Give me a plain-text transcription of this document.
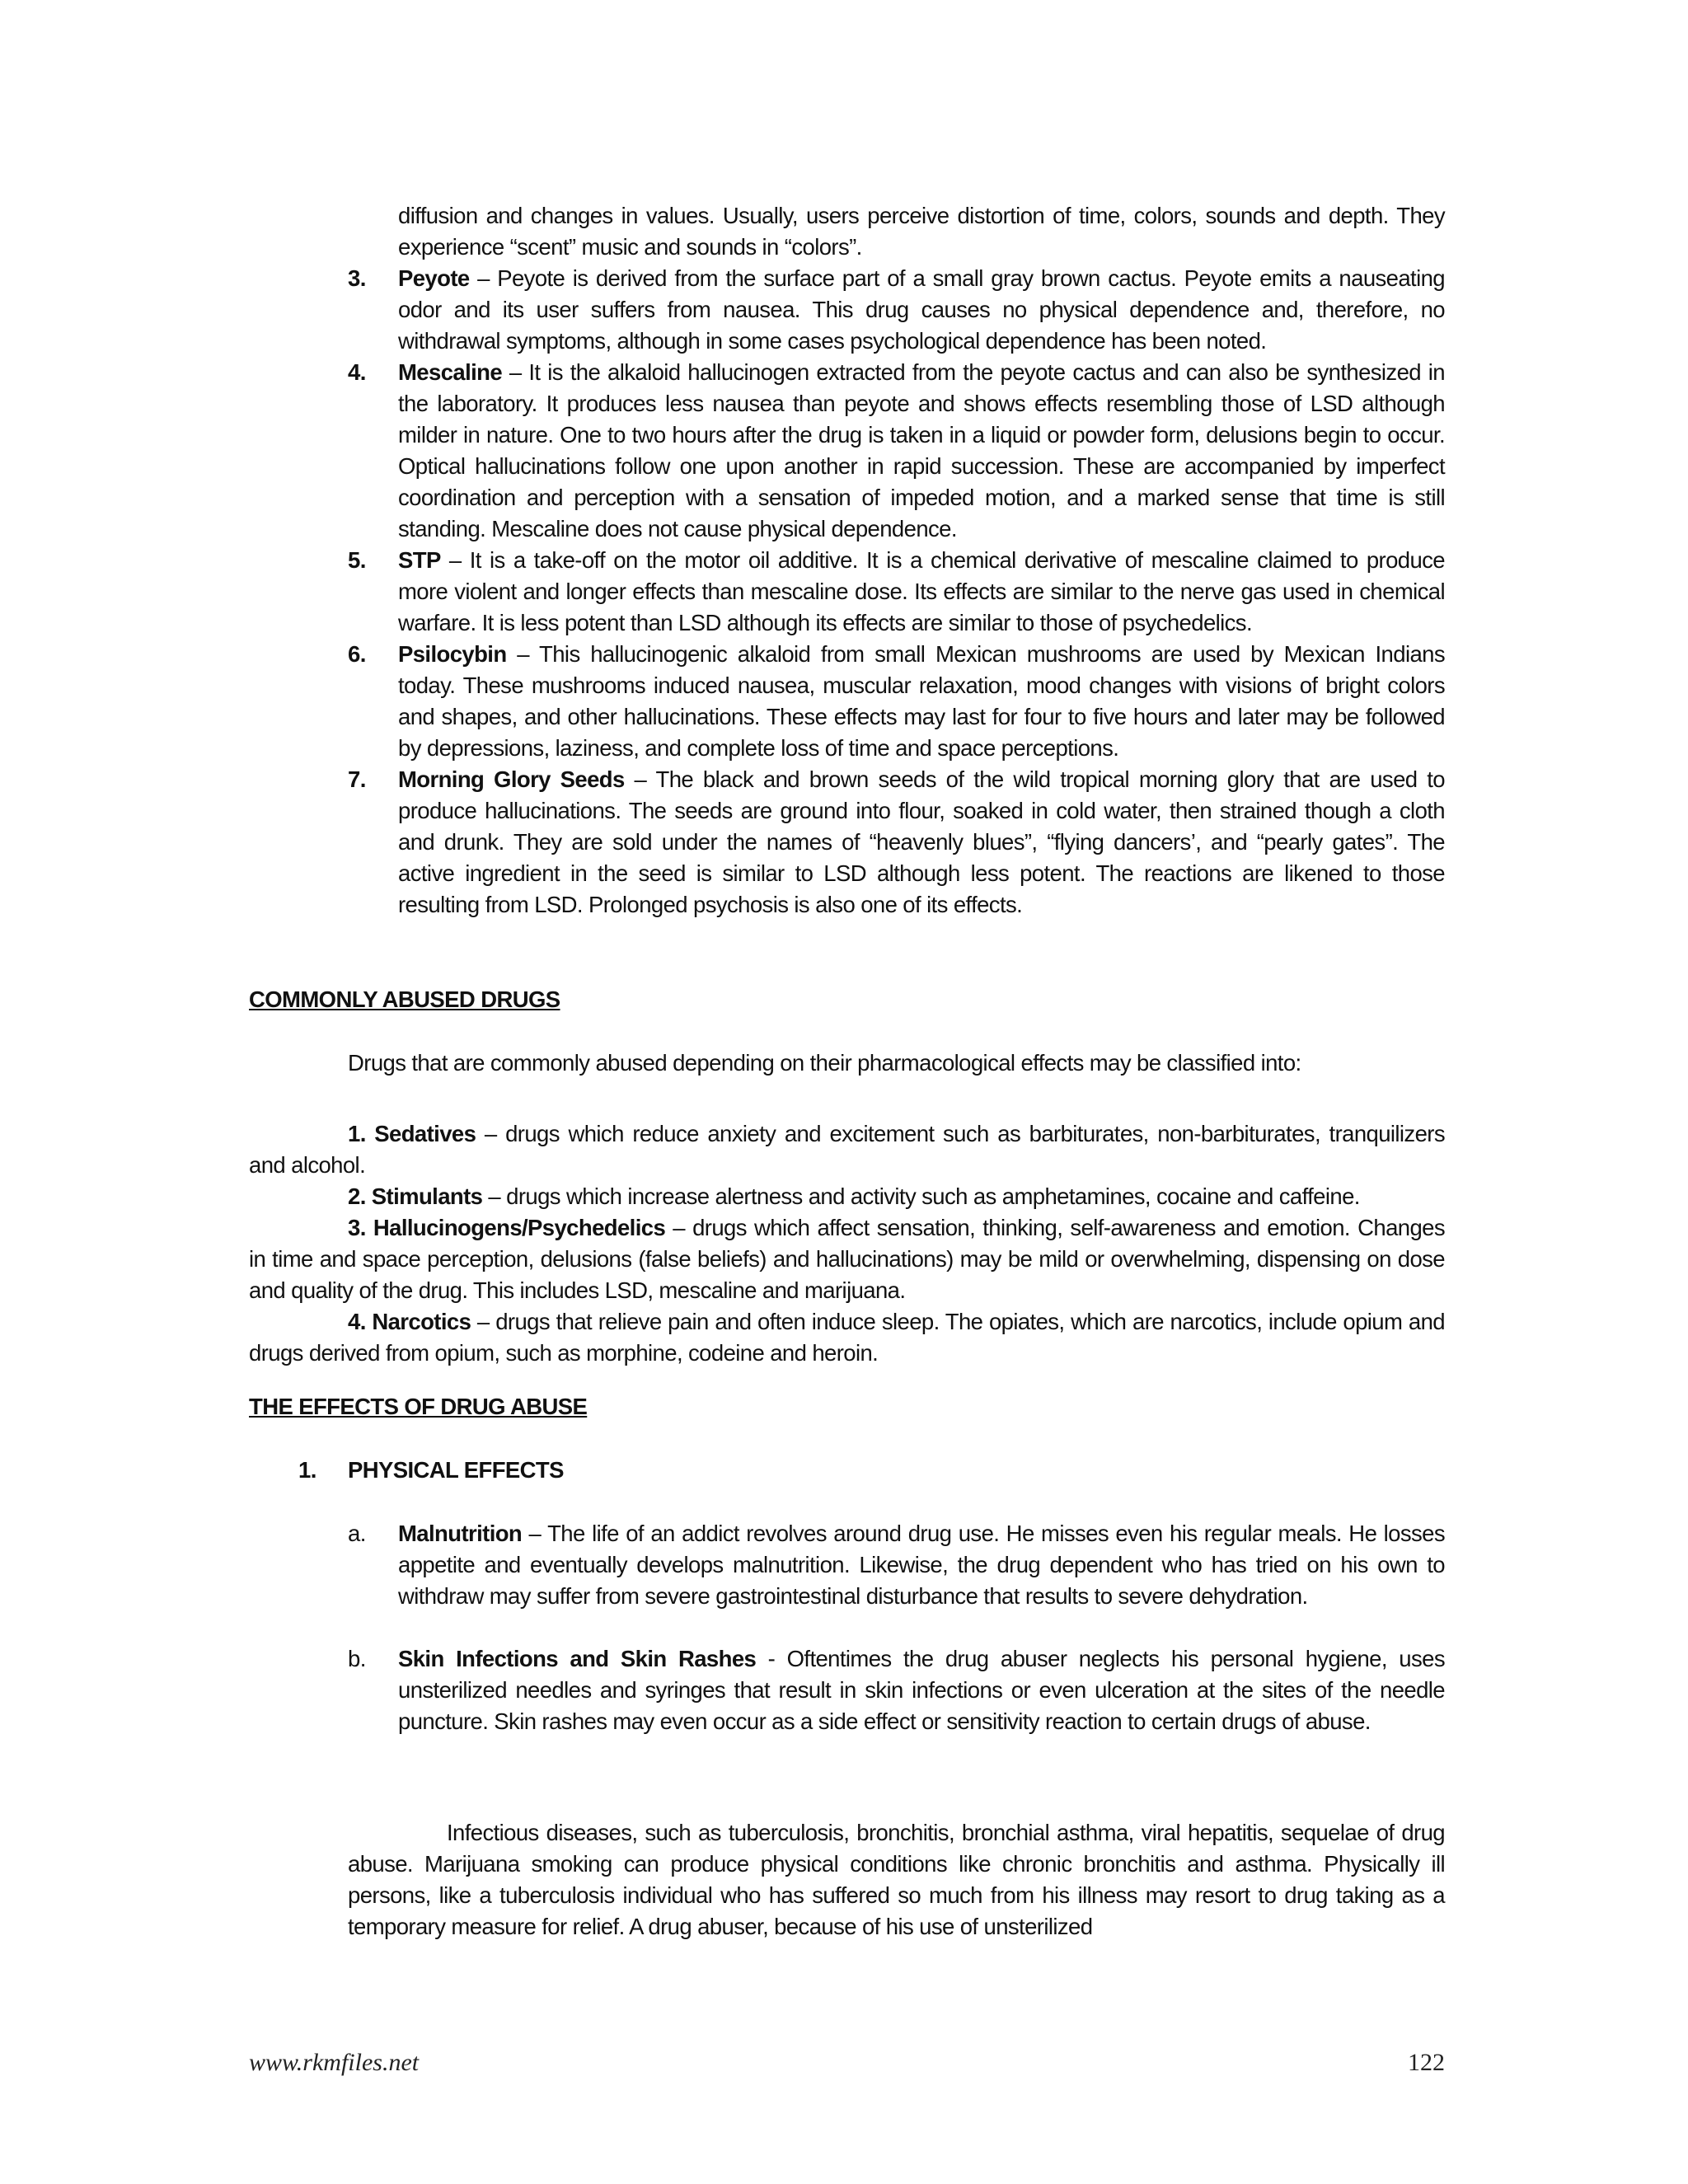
diffusion and changes in values. Usually, users perceive distortion of time, colors, sounds and depth. They experience “scent” music and sounds in “colors”.
3. Peyote – Peyote is derived from the surface part of a small gray brown cactus. Peyote emits a nauseating odor and its user suffers from nausea. This drug causes no physical dependence and, therefore, no withdrawal symptoms, although in some cases psychological dependence has been noted.
4. Mescaline – It is the alkaloid hallucinogen extracted from the peyote cactus and can also be synthesized in the laboratory. It produces less nausea than peyote and shows effects resembling those of LSD although milder in nature. One to two hours after the drug is taken in a liquid or powder form, delusions begin to occur. Optical hallucinations follow one upon another in rapid succession. These are accompanied by imperfect coordination and perception with a sensation of impeded motion, and a marked sense that time is still standing. Mescaline does not cause physical dependence.
5. STP – It is a take-off on the motor oil additive. It is a chemical derivative of mescaline claimed to produce more violent and longer effects than mescaline dose. Its effects are similar to the nerve gas used in chemical warfare. It is less potent than LSD although its effects are similar to those of psychedelics.
6. Psilocybin – This hallucinogenic alkaloid from small Mexican mushrooms are used by Mexican Indians today. These mushrooms induced nausea, muscular relaxation, mood changes with visions of bright colors and shapes, and other hallucinations. These effects may last for four to five hours and later may be followed by depressions, laziness, and complete loss of time and space perceptions.
7. Morning Glory Seeds – The black and brown seeds of the wild tropical morning glory that are used to produce hallucinations. The seeds are ground into flour, soaked in cold water, then strained though a cloth and drunk. They are sold under the names of “heavenly blues”, “flying dancers’, and “pearly gates”. The active ingredient in the seed is similar to LSD although less potent. The reactions are likened to those resulting from LSD. Prolonged psychosis is also one of its effects.
COMMONLY ABUSED DRUGS
Drugs that are commonly abused depending on their pharmacological effects may be classified into:

1. Sedatives – drugs which reduce anxiety and excitement such as barbiturates, non-barbiturates, tranquilizers and alcohol.

2. Stimulants – drugs which increase alertness and activity such as amphetamines, cocaine and caffeine.

3. Hallucinogens/Psychedelics – drugs which affect sensation, thinking, self-awareness and emotion. Changes in time and space perception, delusions (false beliefs) and hallucinations) may be mild or overwhelming, dispensing on dose and quality of the drug. This includes LSD, mescaline and marijuana.

4. Narcotics – drugs that relieve pain and often induce sleep. The opiates, which are narcotics, include opium and drugs derived from opium, such as morphine, codeine and heroin.

THE EFFECTS OF DRUG ABUSE
1. PHYSICAL EFFECTS
a.	Malnutrition – The life of an addict revolves around drug use. He misses even his regular meals. He losses appetite and eventually develops malnutrition. Likewise, the drug dependent who has tried on his own to withdraw may suffer from severe gastrointestinal disturbance that results to severe dehydration.
b.	Skin Infections and Skin Rashes - Oftentimes the drug abuser neglects his personal hygiene, uses unsterilized needles and syringes that result in skin infections or even ulceration at the sites of the needle puncture. Skin rashes may even occur as a side effect or sensitivity reaction to certain drugs of abuse.
Infectious diseases, such as tuberculosis, bronchitis, bronchial asthma, viral hepatitis, sequelae of drug abuse. Marijuana smoking can produce physical conditions like chronic bronchitis and asthma. Physically ill persons, like a tuberculosis individual who has suffered so much from his illness may resort to drug taking as a temporary measure for relief. A drug abuser, because of his use of unsterilized
www.rkmfiles.net	122
